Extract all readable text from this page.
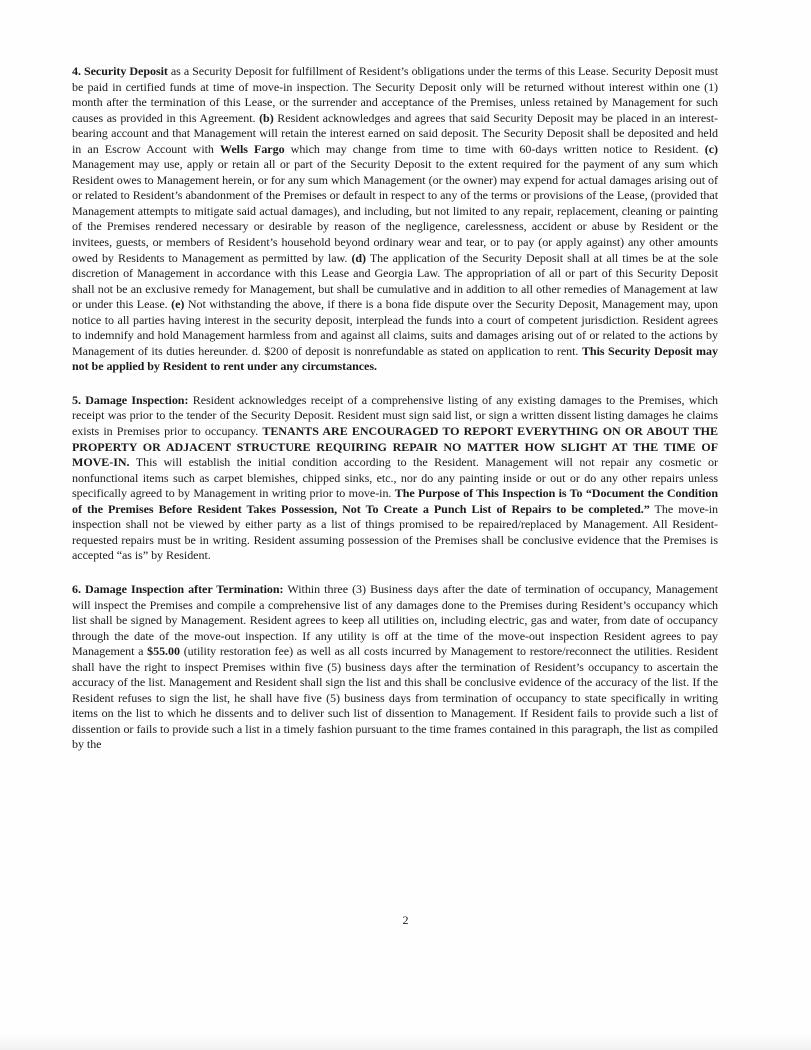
4. Security Deposit as a Security Deposit for fulfillment of Resident’s obligations under the terms of this Lease. Security Deposit must be paid in certified funds at time of move-in inspection. The Security Deposit only will be returned without interest within one (1) month after the termination of this Lease, or the surrender and acceptance of the Premises, unless retained by Management for such causes as provided in this Agreement. (b) Resident acknowledges and agrees that said Security Deposit may be placed in an interest-bearing account and that Management will retain the interest earned on said deposit. The Security Deposit shall be deposited and held in an Escrow Account with Wells Fargo which may change from time to time with 60-days written notice to Resident. (c) Management may use, apply or retain all or part of the Security Deposit to the extent required for the payment of any sum which Resident owes to Management herein, or for any sum which Management (or the owner) may expend for actual damages arising out of or related to Resident’s abandonment of the Premises or default in respect to any of the terms or provisions of the Lease, (provided that Management attempts to mitigate said actual damages), and including, but not limited to any repair, replacement, cleaning or painting of the Premises rendered necessary or desirable by reason of the negligence, carelessness, accident or abuse by Resident or the invitees, guests, or members of Resident’s household beyond ordinary wear and tear, or to pay (or apply against) any other amounts owed by Residents to Management as permitted by law. (d) The application of the Security Deposit shall at all times be at the sole discretion of Management in accordance with this Lease and Georgia Law. The appropriation of all or part of this Security Deposit shall not be an exclusive remedy for Management, but shall be cumulative and in addition to all other remedies of Management at law or under this Lease. (e) Not withstanding the above, if there is a bona fide dispute over the Security Deposit, Management may, upon notice to all parties having interest in the security deposit, interplead the funds into a court of competent jurisdiction. Resident agrees to indemnify and hold Management harmless from and against all claims, suits and damages arising out of or related to the actions by Management of its duties hereunder. d. $200 of deposit is nonrefundable as stated on application to rent. This Security Deposit may not be applied by Resident to rent under any circumstances.

5. Damage Inspection: Resident acknowledges receipt of a comprehensive listing of any existing damages to the Premises, which receipt was prior to the tender of the Security Deposit. Resident must sign said list, or sign a written dissent listing damages he claims exists in Premises prior to occupancy. TENANTS ARE ENCOURAGED TO REPORT EVERYTHING ON OR ABOUT THE PROPERTY OR ADJACENT STRUCTURE REQUIRING REPAIR NO MATTER HOW SLIGHT AT THE TIME OF MOVE-IN. This will establish the initial condition according to the Resident. Management will not repair any cosmetic or nonfunctional items such as carpet blemishes, chipped sinks, etc., nor do any painting inside or out or do any other repairs unless specifically agreed to by Management in writing prior to move-in. The Purpose of This Inspection is To “Document the Condition of the Premises Before Resident Takes Possession, Not To Create a Punch List of Repairs to be completed.” The move-in inspection shall not be viewed by either party as a list of things promised to be repaired/replaced by Management. All Resident-requested repairs must be in writing. Resident assuming possession of the Premises shall be conclusive evidence that the Premises is accepted “as is” by Resident.

6. Damage Inspection after Termination: Within three (3) Business days after the date of termination of occupancy, Management will inspect the Premises and compile a comprehensive list of any damages done to the Premises during Resident’s occupancy which list shall be signed by Management. Resident agrees to keep all utilities on, including electric, gas and water, from date of occupancy through the date of the move-out inspection. If any utility is off at the time of the move-out inspection Resident agrees to pay Management a $55.00 (utility restoration fee) as well as all costs incurred by Management to restore/reconnect the utilities. Resident shall have the right to inspect Premises within five (5) business days after the termination of Resident’s occupancy to ascertain the accuracy of the list. Management and Resident shall sign the list and this shall be conclusive evidence of the accuracy of the list. If the Resident refuses to sign the list, he shall have five (5) business days from termination of occupancy to state specifically in writing items on the list to which he dissents and to deliver such list of dissention to Management. If Resident fails to provide such a list of dissention or fails to provide such a list in a timely fashion pursuant to the time frames contained in this paragraph, the list as compiled by the

2
